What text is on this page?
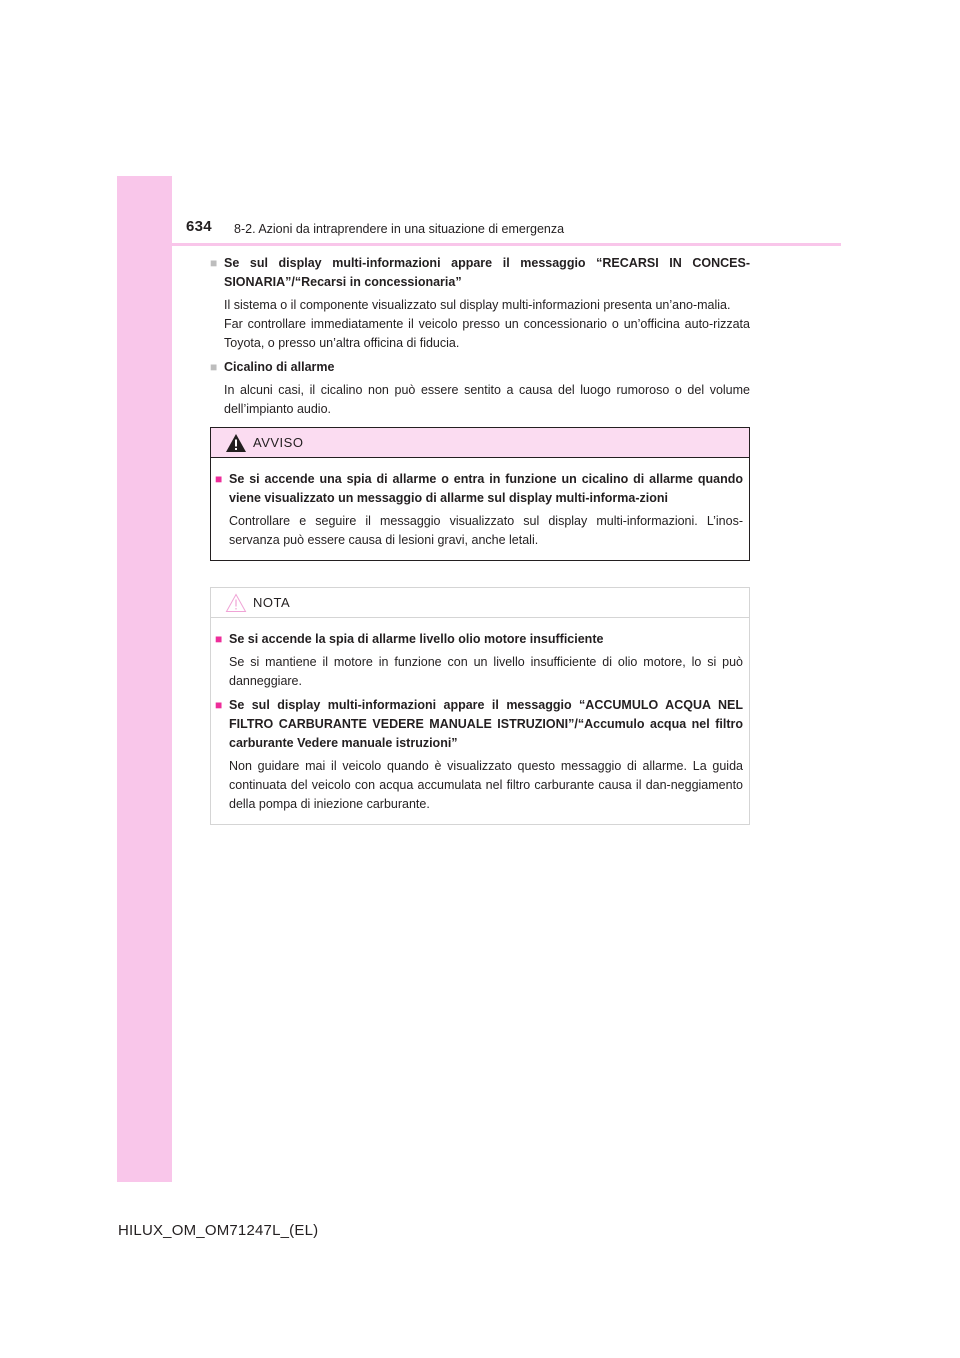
634 8-2. Azioni da intraprendere in una situazione di emergenza
■ Se sul display multi-informazioni appare il messaggio “RECARSI IN CONCES-SIONARIA”/“Recarsi in concessionaria”
Il sistema o il componente visualizzato sul display multi-informazioni presenta un’ano-malia.
Far controllare immediatamente il veicolo presso un concessionario o un’officina auto-rizzata Toyota, o presso un’altra officina di fiducia.
■ Cicalino di allarme
In alcuni casi, il cicalino non può essere sentito a causa del luogo rumoroso o del volume dell’impianto audio.
AVVISO
■ Se si accende una spia di allarme o entra in funzione un cicalino di allarme quando viene visualizzato un messaggio di allarme sul display multi-informa-zioni
Controllare e seguire il messaggio visualizzato sul display multi-informazioni. L’inos-servanza può essere causa di lesioni gravi, anche letali.
NOTA
■ Se si accende la spia di allarme livello olio motore insufficiente
Se si mantiene il motore in funzione con un livello insufficiente di olio motore, lo si può danneggiare.
■ Se sul display multi-informazioni appare il messaggio “ACCUMULO ACQUA NEL FILTRO CARBURANTE VEDERE MANUALE ISTRUZIONI”/“Accumulo acqua nel filtro carburante Vedere manuale istruzioni”
Non guidare mai il veicolo quando è visualizzato questo messaggio di allarme. La guida continuata del veicolo con acqua accumulata nel filtro carburante causa il dan-neggiamento della pompa di iniezione carburante.
HILUX_OM_OM71247L_(EL)
